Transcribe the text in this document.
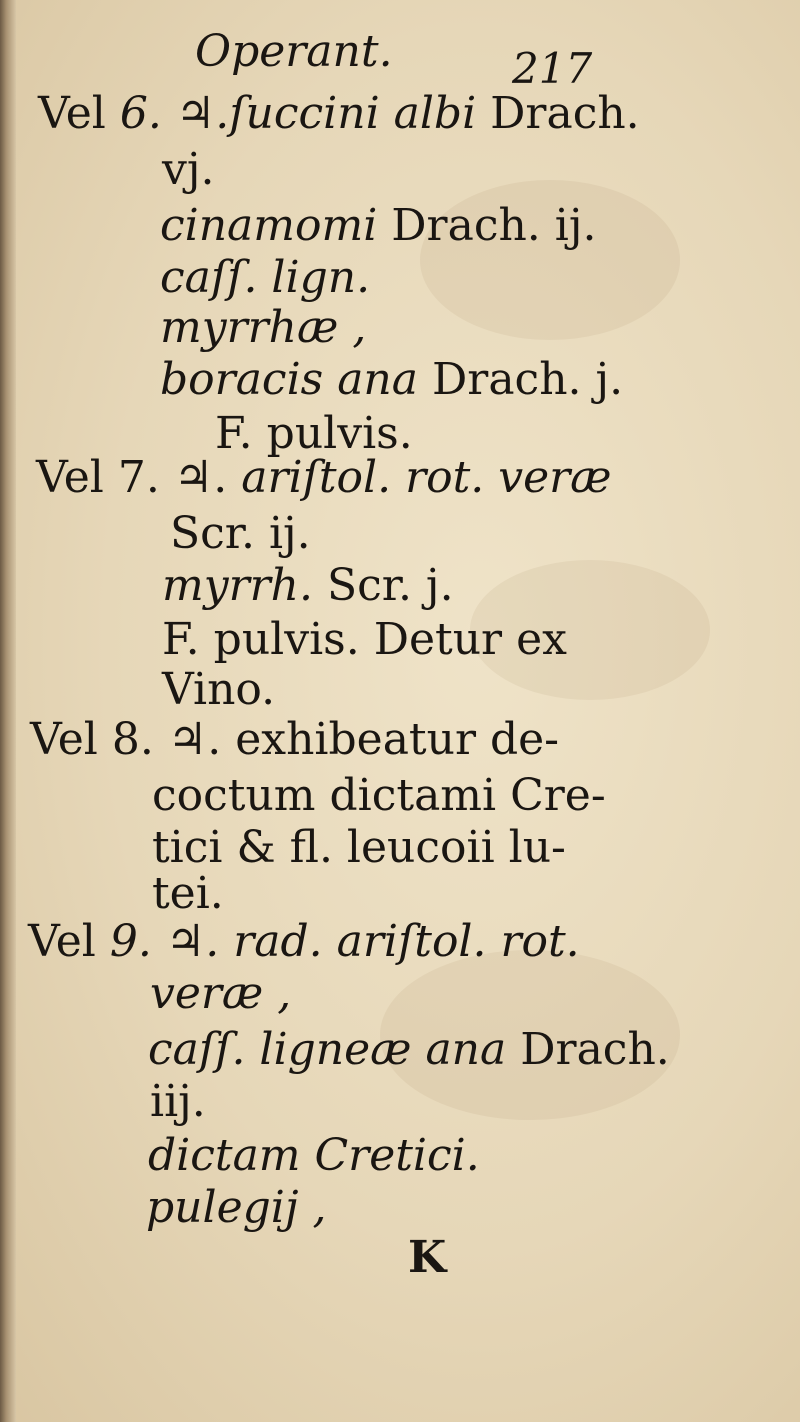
Operant.	217
Vel 6. ♃.ſuccini albi Drach.
vj.
cinamomi Drach. ij.
caſſ. lign.
myrrhæ ,
boracis ana Drach. j.
F. pulvis.
Vel 7. ♃. ariſtol. rot. veræ
Scr. ij.
myrrh. Scr. j.
F. pulvis. Detur ex
Vino.
Vel 8. ♃. exhibeatur de-
coctum dictami Cre-
tici & fl. leucoii lu-
tei.
Vel 9. ♃. rad. ariſtol. rot.
veræ ,
caſſ. ligneæ ana Drach.
iij.
dictam Cretici.
pulegij ,
K
